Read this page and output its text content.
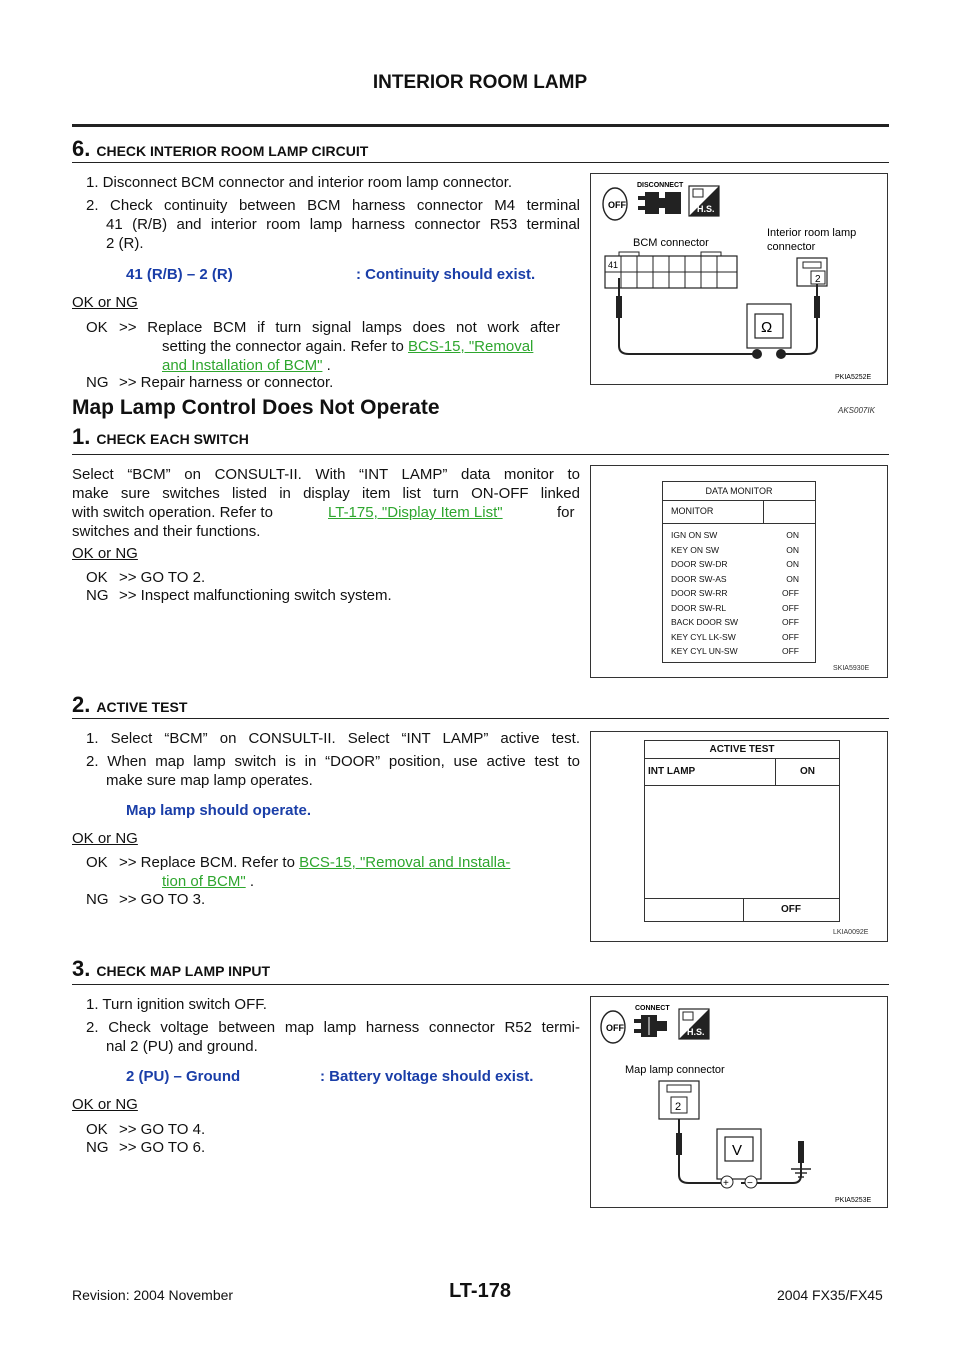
INTERIOR ROOM LAMP
6. CHECK INTERIOR ROOM LAMP CIRCUIT
1. Disconnect BCM connector and interior room lamp connector.
2. Check continuity between BCM harness connector M4 terminal
41 (R/B) and interior room lamp harness connector R53 terminal
2 (R).
41 (R/B) – 2 (R)	: Continuity should exist.
OK or NG
OK >> Replace BCM if turn signal lamps does not work after
setting the connector again. Refer to BCS-15, "Removal
and Installation of BCM" .
NG >> Repair harness or connector.
OFF
DISCONNECT
H.S.
BCM connector
Interior room lamp
connector
41
2
Ω
PKIA5252E
Map Lamp Control Does Not Operate	AKS007IK
1. CHECK EACH SWITCH
Select “BCM” on CONSULT-II. With “INT LAMP” data monitor to
make sure switches listed in display item list turn ON-OFF linked
with switch operation. Refer to	LT-175, "Display Item List"	for
switches and their functions.
OK or NG
OK >> GO TO 2.
NG >> Inspect malfunctioning switch system.
DATA MONITOR
MONITOR
IGN ON SW	ON
KEY ON SW	ON
DOOR SW-DR	ON
DOOR SW-AS	ON
DOOR SW-RR	OFF
DOOR SW-RL	OFF
BACK DOOR SW	OFF
KEY CYL LK-SW	OFF
KEY CYL UN-SW	OFF
SKIA5930E
2. ACTIVE TEST
1. Select “BCM” on CONSULT-II. Select “INT LAMP” active test.
2. When map lamp switch is in “DOOR” position, use active test to
make sure map lamp operates.
Map lamp should operate.
OK or NG
OK >> Replace BCM. Refer to BCS-15, "Removal and Installa-
tion of BCM" .
NG >> GO TO 3.
ACTIVE TEST
INT LAMP	ON
OFF
LKIA0092E
3. CHECK MAP LAMP INPUT
1. Turn ignition switch OFF.
2. Check voltage between map lamp harness connector R52 termi-
nal 2 (PU) and ground.
2 (PU) – Ground	: Battery voltage should exist.
OK or NG
OK >> GO TO 4.
NG >> GO TO 6.
OFF
CONNECT
H.S.
Map lamp connector
2
V
+ −
PKIA5253E
Revision: 2004 November	LT-178	2004 FX35/FX45
